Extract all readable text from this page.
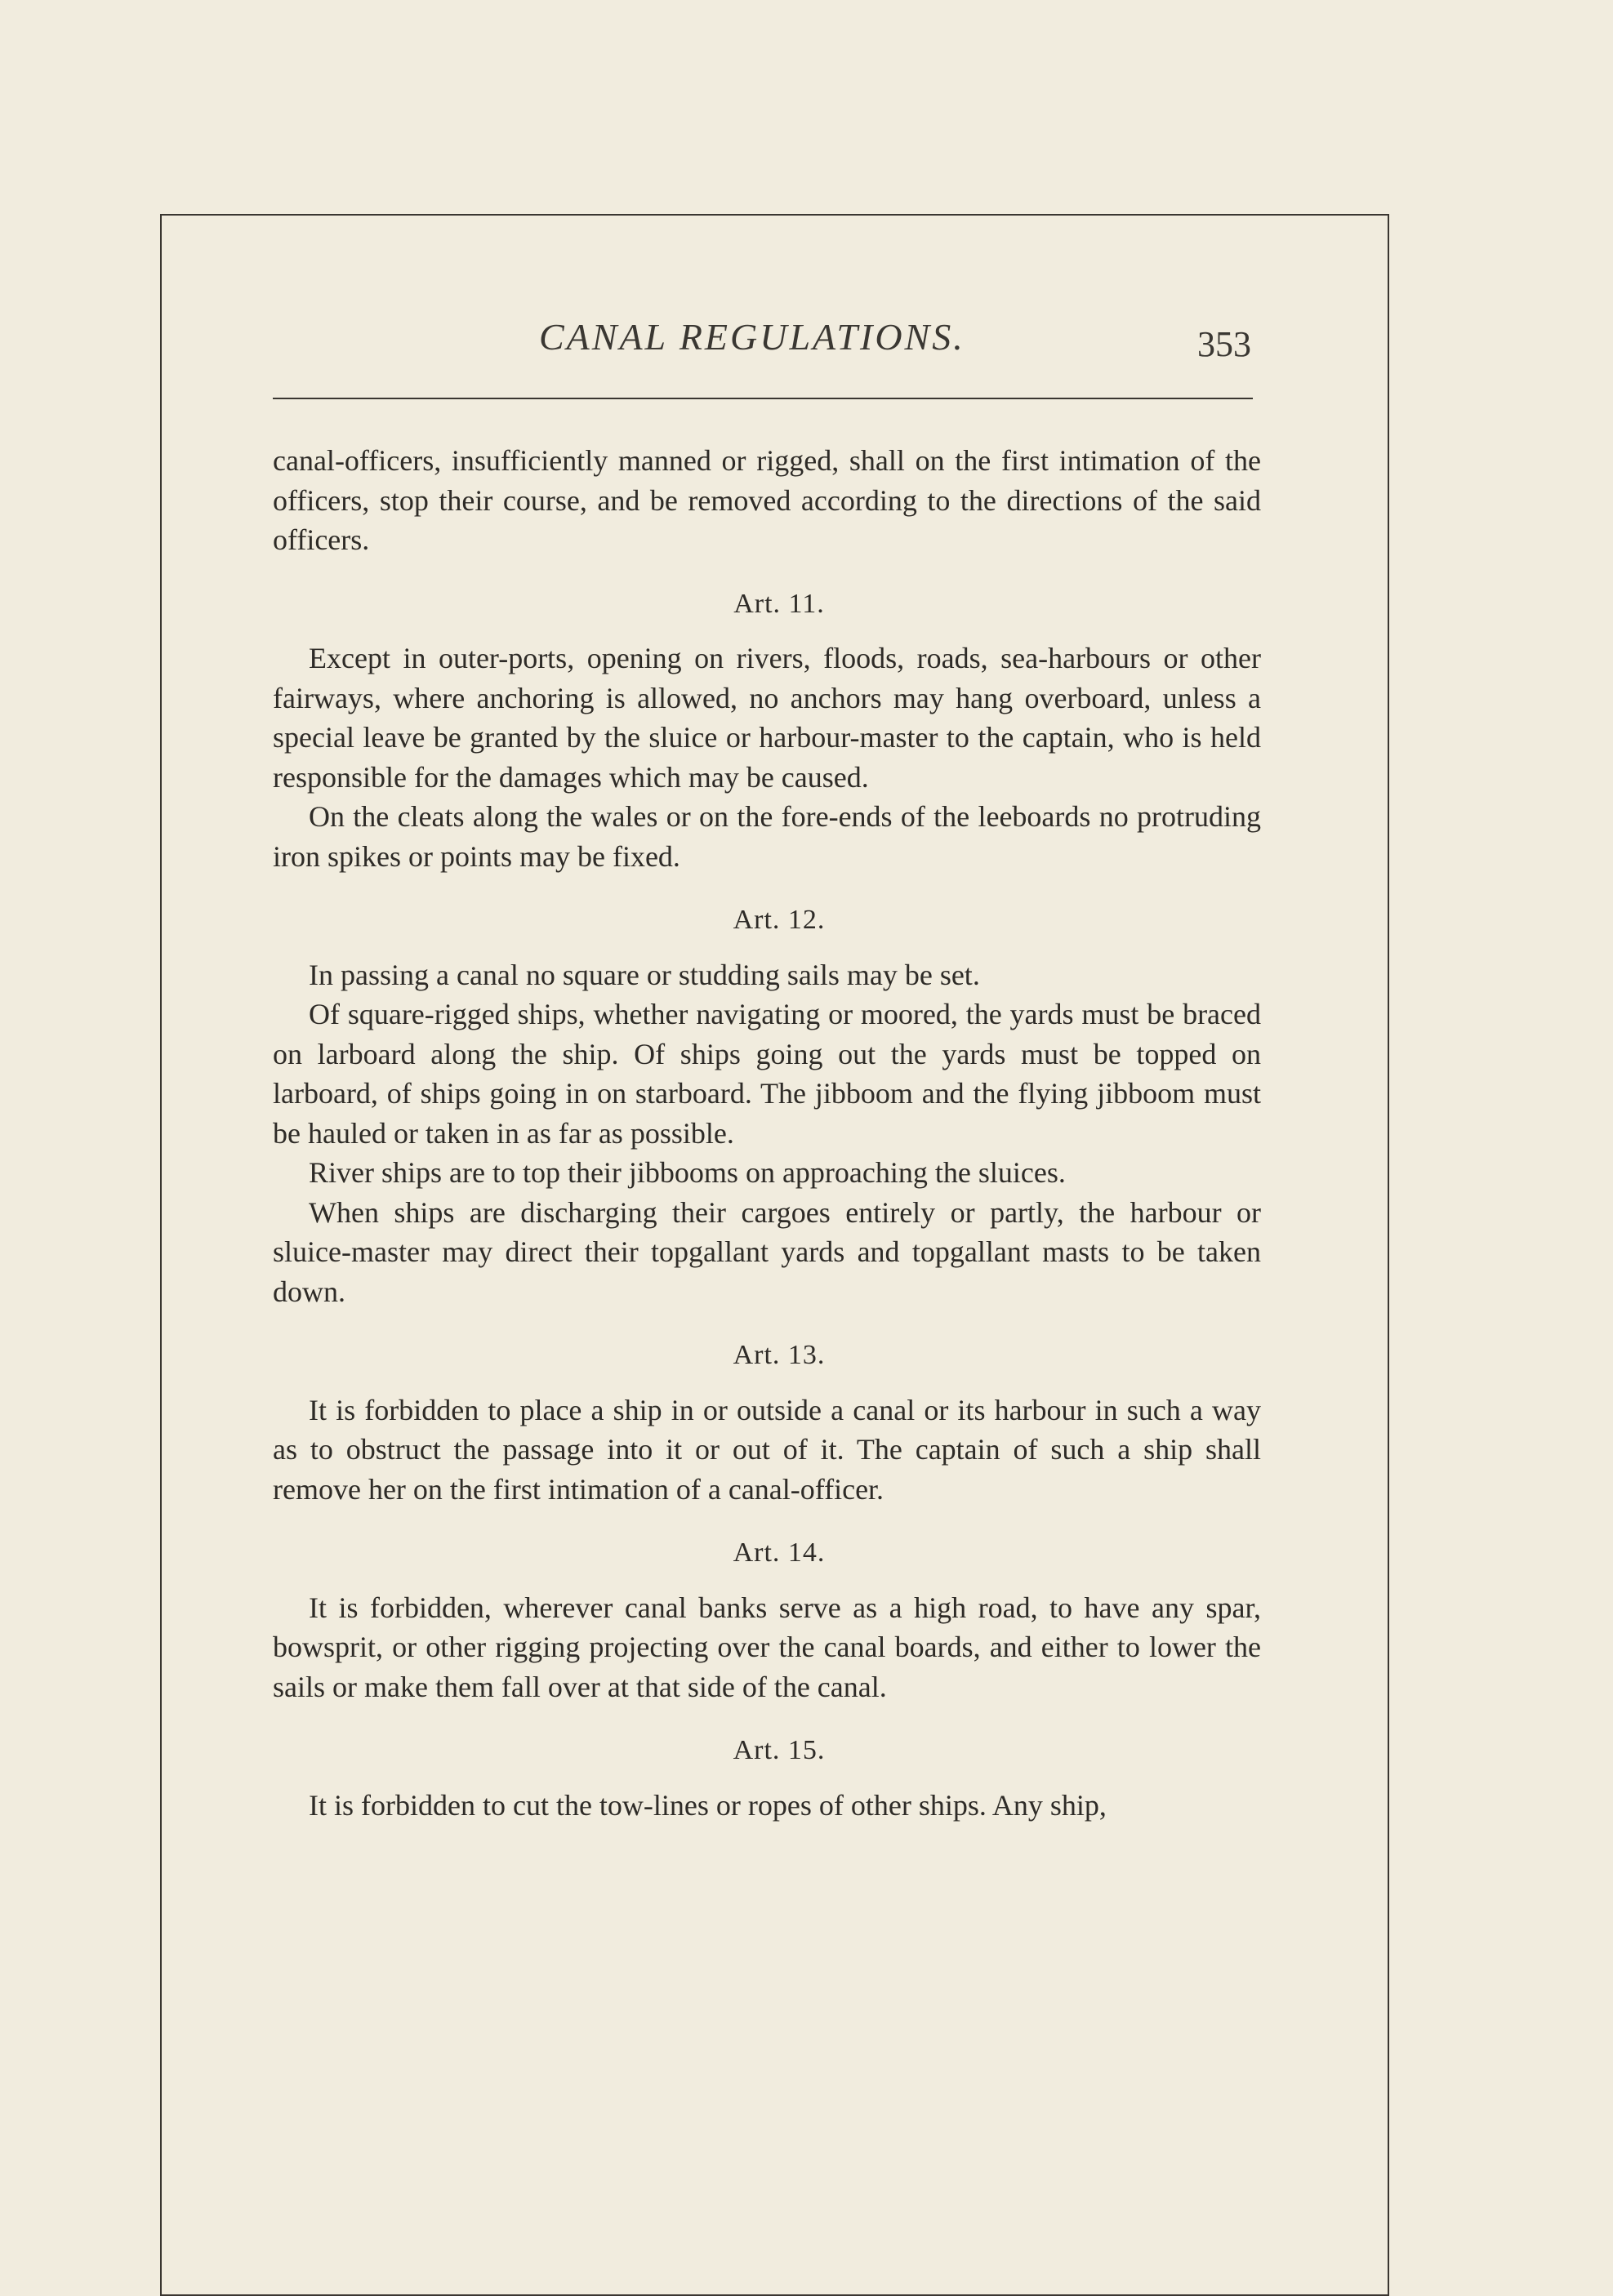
CANAL REGULATIONS.	353

canal-officers, insufficiently manned or rigged, shall on the first intimation of the officers, stop their course, and be removed according to the directions of the said officers.

Art. 11.

Except in outer-ports, opening on rivers, floods, roads, sea-harbours or other fairways, where anchoring is allowed, no anchors may hang overboard, unless a special leave be granted by the sluice or harbour-master to the captain, who is held responsible for the damages which may be caused.

On the cleats along the wales or on the fore-ends of the leeboards no protruding iron spikes or points may be fixed.

Art. 12.

In passing a canal no square or studding sails may be set.

Of square-rigged ships, whether navigating or moored, the yards must be braced on larboard along the ship. Of ships going out the yards must be topped on larboard, of ships going in on starboard. The jibboom and the flying jibboom must be hauled or taken in as far as possible.

River ships are to top their jibbooms on approaching the sluices.

When ships are discharging their cargoes entirely or partly, the harbour or sluice-master may direct their topgallant yards and topgallant masts to be taken down.

Art. 13.

It is forbidden to place a ship in or outside a canal or its harbour in such a way as to obstruct the passage into it or out of it. The captain of such a ship shall remove her on the first intimation of a canal-officer.

Art. 14.

It is forbidden, wherever canal banks serve as a high road, to have any spar, bowsprit, or other rigging projecting over the canal boards, and either to lower the sails or make them fall over at that side of the canal.

Art. 15.

It is forbidden to cut the tow-lines or ropes of other ships. Any ship,
